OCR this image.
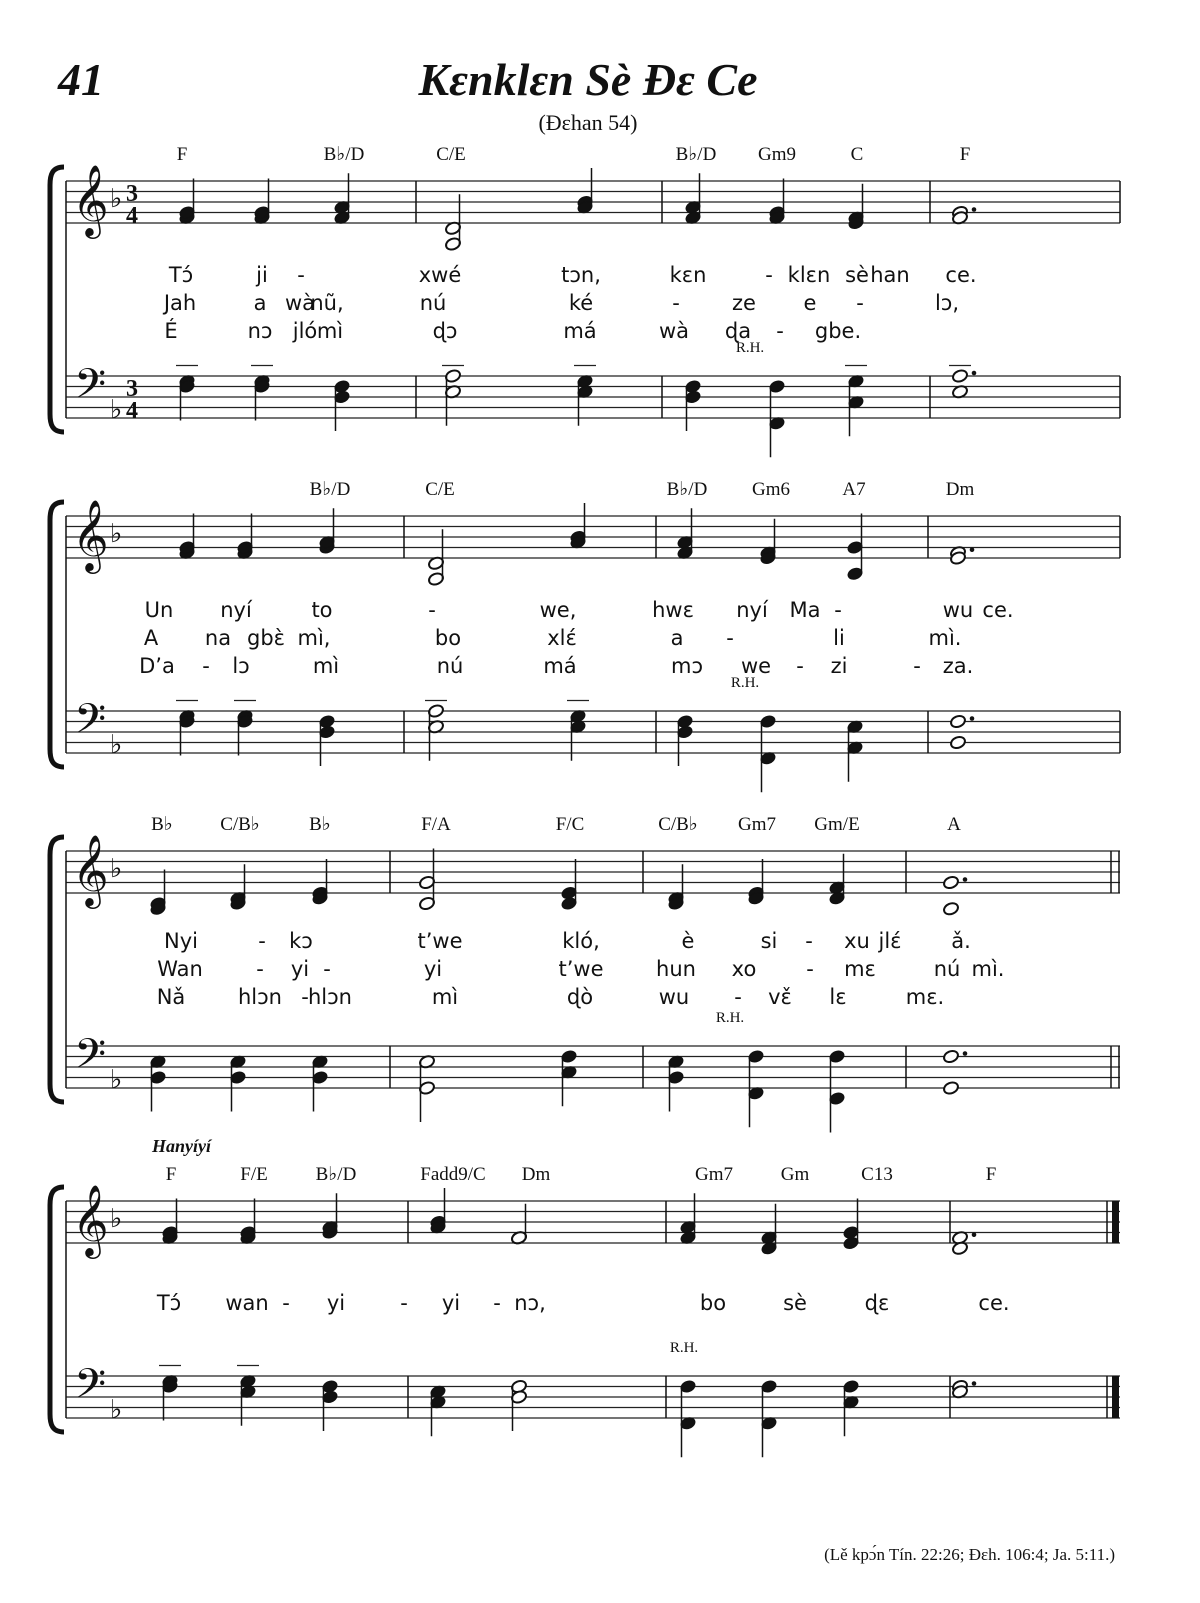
41	Kɛnklɛn Sè Ɖɛ Ce
(Ɖɛhan 54)
𝄞
𝄢
♭
♭
3
4
3
4
R.H.
F	B♭/D	C/E	B♭/D Gm9	C	F
Tɔ́	ji -	xwé	tɔn,	kɛn	- klɛn sè han ce.
Jah	a wà
nũ,	nú	ké	- ze e -	lɔ,
É	nɔ jló mì	ɖɔ	má	wà ɖa - gbe.
𝄞
𝄢
♭
♭
R.H.
B♭/D	C/E	B♭/D Gm6	A7	Dm
Un nyí	to	-	we,	hwɛ nyí Ma -	wu ce.
A na gbɛ̀ mì,	bo	xlɛ́	a -	li	mì.
D’a - lɔ	mì	nú	má	mɔ we - zi	- za.
𝄞
𝄢
♭
♭
R.H.
B♭ C/B♭	B♭	F/A	F/C	C/B♭ Gm7 Gm/E	A
Nyi	- kɔ	t’we	kló,	è	si - xu jlɛ́ ǎ.
Wan	- yi -	yi	t’we	hun xo - mɛ	nú mì.
Nǎ	hlɔn - hlɔn	mì	ɖò	wu - vɛ̌ lɛ	mɛ.
𝄞
𝄢
♭
♭
R.H.
F	F/E	B♭/D	Fadd9/C Dm	Gm7	Gm	C13	F
Hanyíyí
Tɔ́ wan - yi	- yi - nɔ,	bo	sè	ɖɛ	ce.
(Lě kpɔ́n Tín. 22:26; Ɖɛh. 106:4; Ja. 5:11.)
